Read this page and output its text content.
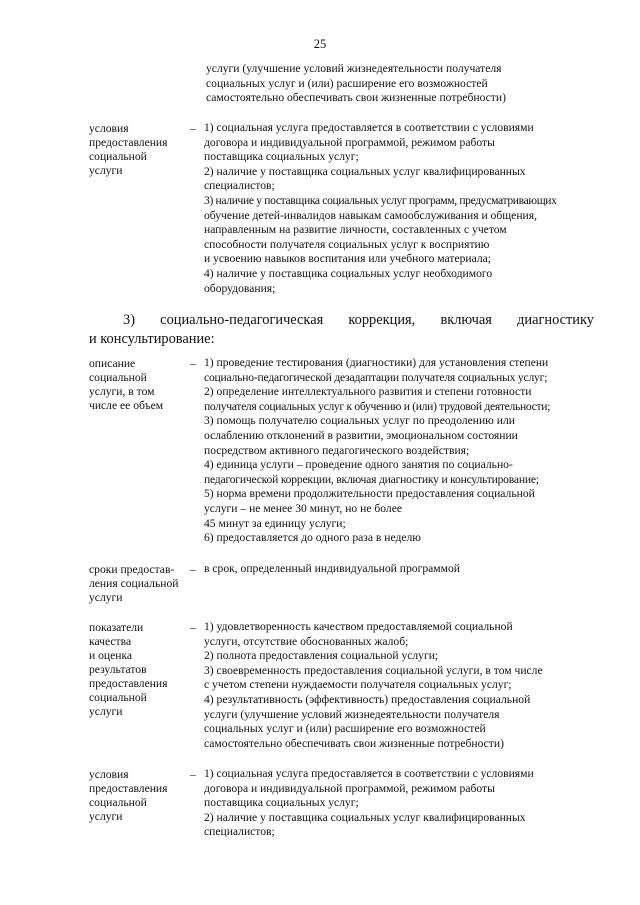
25
услуги (улучшение условий жизнедеятельности получателя
социальных услуг и (или) расширение его возможностей
самостоятельно обеспечивать свои жизненные потребности)
условия
предоставления
социальной
услуги
– 1) социальная услуга предоставляется в соответствии с условиями
договора и индивидуальной программой, режимом работы
поставщика социальных услуг;
2) наличие у поставщика социальных услуг квалифицированных
специалистов;
3) наличие у поставщика социальных услуг программ, предусматривающих
обучение детей-инвалидов навыкам самообслуживания и общения,
направленным на развитие личности, составленных с учетом
способности получателя социальных услуг к восприятию
и усвоению навыков воспитания или учебного материала;
4) наличие у поставщика социальных услуг необходимого
оборудования;
3) социально-педагогическая коррекция, включая диагностику
и консультирование:
описание
социальной
услуги, в том
числе ее объем
– 1) проведение тестирования (диагностики) для установления степени
социально-педагогической дезадаптации получателя социальных услуг;
2) определение интеллектуального развития и степени готовности
получателя социальных услуг к обучению и (или) трудовой деятельности;
3) помощь получателю социальных услуг по преодолению или
ослаблению отклонений в развитии, эмоциональном состоянии
посредством активного педагогического воздействия;
4) единица услуги – проведение одного занятия по социально-
педагогической коррекции, включая диагностику и консультирование;
5) норма времени продолжительности предоставления социальной
услуги – не менее 30 минут, но не более
45 минут за единицу услуги;
6) предоставляется до одного раза в неделю
сроки предостав-
ления социальной
услуги
– в срок, определенный индивидуальной программой
показатели
качества
и оценка
результатов
предоставления
социальной
услуги
– 1) удовлетворенность качеством предоставляемой социальной
услуги, отсутствие обоснованных жалоб;
2) полнота предоставления социальной услуги;
3) своевременность предоставления социальной услуги, в том числе
с учетом степени нуждаемости получателя социальных услуг;
4) результативность (эффективность) предоставления социальной
услуги (улучшение условий жизнедеятельности получателя
социальных услуг и (или) расширение его возможностей
самостоятельно обеспечивать свои жизненные потребности)
условия
предоставления
социальной
услуги
– 1) социальная услуга предоставляется в соответствии с условиями
договора и индивидуальной программой, режимом работы
поставщика социальных услуг;
2) наличие у поставщика социальных услуг квалифицированных
специалистов;
